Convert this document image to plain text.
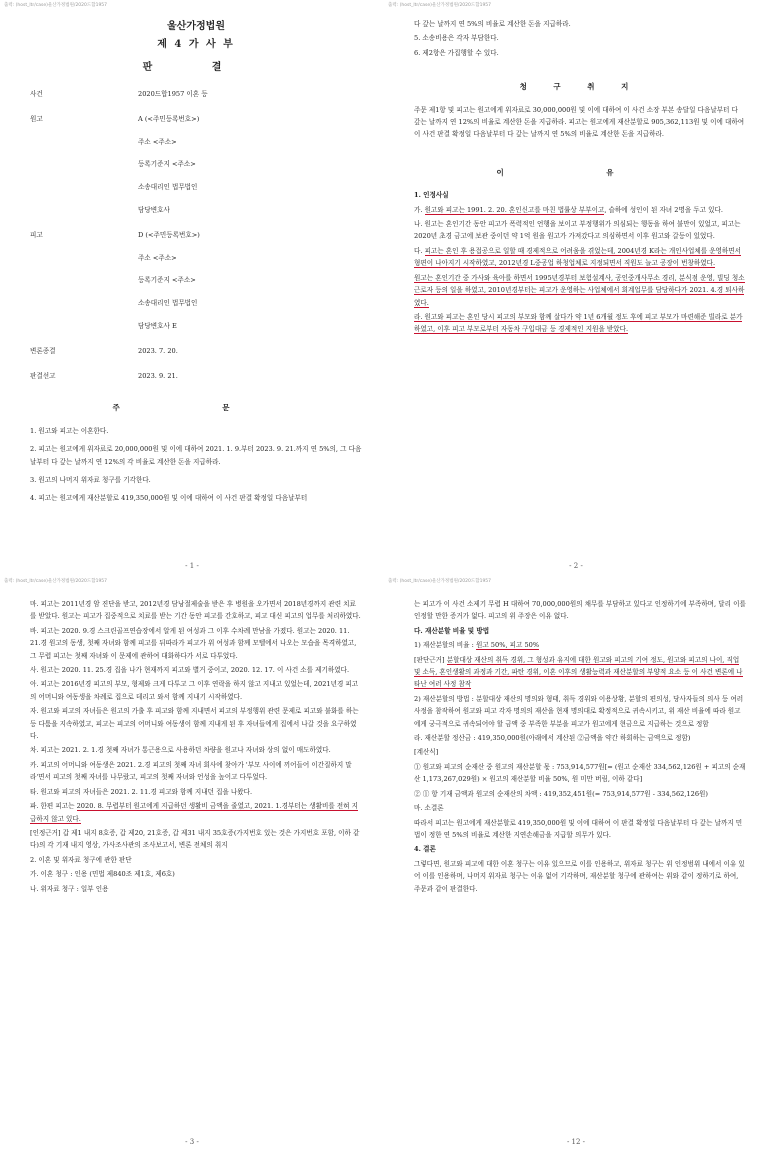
출력: (host_ltr/case)울산가정법원/2020드합1957
울산가정법원
제 4 가 사 부
판 결
사건	2020드합1957 이혼 등
원고	A (<주민등록번호>)
주소 <주소>
등록기준지 <주소>
소송대리인 법무법인
담당변호사
피고	D (<주민등록번호>)
주소 <주소>
등록기준지 <주소>
소송대리인 법무법인
담당변호사 E
변론종결	2023. 7. 20.
판결선고	2023. 9. 21.
주 문
1. 원고와 피고는 이혼한다.
2. 피고는 원고에게 위자료로 20,000,000원 및 이에 대하여 2021. 1. 9.부터 2023. 9. 21.까지 연 5%의, 그 다음날부터 다 갚는 날까지 연 12%의 각 비율로 계산한 돈을 지급하라.
3. 원고의 나머지 위자료 청구를 기각한다.
4. 피고는 원고에게 재산분할로 419,350,000원 및 이에 대하여 이 사건 판결 확정일 다음날부터
- 1 -
출력: (host_ltr/case)울산가정법원/2020드합1957
다 갚는 날까지 연 5%의 비율로 계산한 돈을 지급하라.
5. 소송비용은 각자 부담한다.
6. 제2항은 가집행할 수 있다.
청 구 취 지
주문 제1항 및 피고는 원고에게 위자료로 30,000,000원 및 이에 대하여 이 사건 소장 부본 송달일 다음날부터 다 갚는 날까지 연 12%의 비율로 계산한 돈을 지급하라. 피고는 원고에게 재산분할로 905,362,113원 및 이에 대하여 이 사건 판결 확정일 다음날부터 다 갚는 날까지 연 5%의 비율로 계산한 돈을 지급하라.
이 유
1. 인정사실
가. 원고와 피고는 1991. 2. 20. 혼인신고를 마친 법률상 부부이고, 슬하에 성인이 된 자녀 2명을 두고 있다.
나. 원고는 혼인기간 동안 피고가 폭력적인 언행을 보이고 부정행위가 의심되는 행동을 하여 불만이 있었고, 피고는 2020년 초경 금고에 보관 중이던 약 1억 원을 원고가 가져갔다고 의심하면서 이후 원고와 갈등이 있었다.
다. 피고는 혼인 후 용접공으로 일할 때 경제적으로 어려움을 겪었는데, 2004년경 K라는 개인사업체를 운영하면서 형편이 나아지기 시작하였고, 2012년경 L중공업 하청업체로 지정되면서 직원도 늘고 공장이 번창하였다.
원고는 혼인기간 중 가사와 육아를 하면서 1995년경부터 보험설계사, 공인중개사무소 경리, 분식점 운영, 빌딩 청소근로자 등의 일을 하였고, 2010년경부터는 피고가 운영하는 사업체에서 회계업무를 담당하다가 2021. 4.경 퇴사하였다.
라. 원고와 피고는 혼인 당시 피고의 부모와 함께 살다가 약 1년 6개월 정도 후에 피고 부모가 마련해준 빌라로 분가하였고, 이후 피고 부모로부터 자동차 구입대금 등 경제적인 지원을 받았다.
- 2 -
출력: (host_ltr/case)울산가정법원/2020드합1957
마. 피고는 2011년경 암 진단을 받고, 2012년경 담낭절제술을 받은 후 병원을 오가면서 2018년경까지 관련 치료를 받았다. 원고는 피고가 집중적으로 치료를 받는 기간 동안 피고를 간호하고, 피고 대신 피고의 업무를 처리하였다.
바. 피고는 2020. 9.경 스크린골프연습장에서 알게 된 여성과 그 이후 수차례 만남을 가졌다. 원고는 2020. 11. 21.경 원고의 동생, 첫째 자녀와 함께 피고를 뒤따라가 피고가 위 여성과 함께 모텔에서 나오는 모습을 목격하였고, 그 무렵 피고는 첫째 자녀와 이 문제에 관하여 대화하다가 서로 다투었다.
사. 원고는 2020. 11. 25.경 집을 나가 현재까지 피고와 별거 중이고, 2020. 12. 17. 이 사건 소를 제기하였다.
아. 피고는 2016년경 피고의 부모, 형제와 크게 다투고 그 이후 연락을 하지 않고 지내고 있었는데, 2021년경 피고의 어머니와 여동생을 차례로 집으로 데리고 와서 함께 지내기 시작하였다.
자. 원고와 피고의 자녀들은 원고의 가출 후 피고와 함께 지내면서 피고의 부정행위 관련 문제로 피고와 불화를 하는 등 다툼을 지속하였고, 피고는 피고의 어머니와 여동생이 함께 지내게 된 후 자녀들에게 집에서 나갈 것을 요구하였다.
차. 피고는 2021. 2. 1.경 첫째 자녀가 통근용으로 사용하던 차량을 원고나 자녀와 상의 없이 매도하였다.
카. 피고의 어머니와 여동생은 2021. 2.경 피고의 첫째 자녀 회사에 찾아가 '부모 사이에 끼어들어 이간질하지 말라'면서 피고의 첫째 자녀를 나무랐고, 피고의 첫째 자녀와 언성을 높이고 다투었다.
타. 원고와 피고의 자녀들은 2021. 2. 11.경 피고와 함께 지내던 집을 나왔다.
파. 한편 피고는 2020. 8. 무렵부터 원고에게 지급하던 생활비 금액을 줄였고, 2021. 1.경부터는 생활비를 전혀 지급하지 않고 있다.
[인정근거] 갑 제1 내지 8호증, 갑 제20, 21호증, 갑 제31 내지 35호증(가지번호 있는 것은 가지번호 포함, 이하 같다)의 각 기재 내지 영상, 가사조사관의 조사보고서, 변론 전체의 취지
2. 이혼 및 위자료 청구에 관한 판단
가. 이혼 청구 : 인용 (민법 제840조 제1호, 제6호)
나. 위자료 청구 : 일부 인용
- 3 -
출력: (host_ltr/case)울산가정법원/2020드합1957
는 피고가 이 사건 소제기 무렵 H 대하여 70,000,000원의 채무를 부담하고 있다고 인정하기에 부족하며, 달리 이를 인정할 만한 증거가 없다. 피고의 위 주장은 이유 없다.
다. 재산분할 비율 및 방법
1) 재산분할의 비율 : 원고 50%, 피고 50%
[판단근거] 분할대상 재산의 취득 경위, 그 형성과 유지에 대한 원고와 피고의 기여 정도, 원고와 피고의 나이, 직업 및 소득, 혼인생활의 과정과 기간, 파탄 경위, 이혼 이후의 생활능력과 재산분할의 부양적 요소 등 이 사건 변론에 나타난 여러 사정 참작
2) 재산분할의 방법 : 분할대상 재산의 명의와 형태, 취득 경위와 이용상황, 분할의 편의성, 당사자들의 의사 등 여러 사정을 참작하여 원고와 피고 각자 명의의 재산을 현재 명의대로 확정적으로 귀속시키고, 위 재산 비율에 따라 원고에게 궁극적으로 귀속되어야 할 금액 중 부족한 부분을 피고가 원고에게 현금으로 지급하는 것으로 정함
라. 재산분할 정산금 : 419,350,000원(아래에서 계산된 ②금액을 약간 하회하는 금액으로 정함)
[계산식]
① 원고와 피고의 순재산 중 원고의 재산분할 몫 : 753,914,577원[= (원고 순재산 334,562,126원 + 피고의 순재산 1,173,267,029원) × 원고의 재산분할 비율 50%, 원 미만 버림, 이하 같다]
② ① 항 기재 금액과 원고의 순재산의 차액 : 419,352,451원(= 753,914,577원 - 334,562,126원)
마. 소결론
따라서 피고는 원고에게 재산분할로 419,350,000원 및 이에 대하여 이 판결 확정일 다음날부터 다 갚는 날까지 민법이 정한 연 5%의 비율로 계산한 지연손해금을 지급할 의무가 있다.
4. 결론
그렇다면, 원고와 피고에 대한 이혼 청구는 이유 있으므로 이를 인용하고, 위자료 청구는 위 인정범위 내에서 이유 있어 이를 인용하며, 나머지 위자료 청구는 이유 없어 기각하며, 재산분할 청구에 관하여는 위와 같이 정하기로 하여, 주문과 같이 판결한다.
- 12 -
